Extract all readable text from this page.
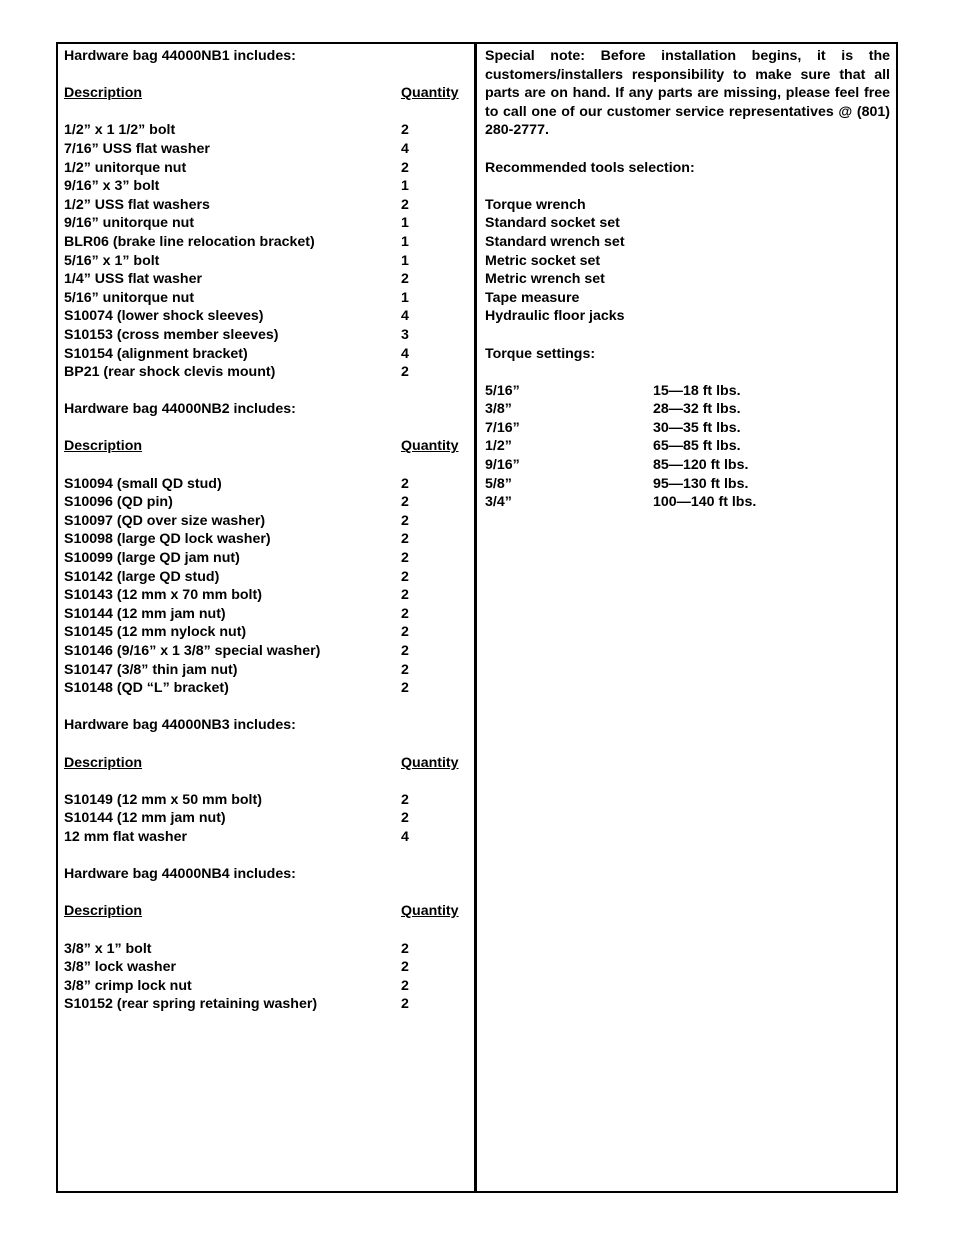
Hardware bag 44000NB1 includes:
Description	Quantity
1/2” x 1 1/2” bolt	2
7/16” USS flat washer	4
1/2” unitorque nut	2
9/16” x 3” bolt	1
1/2” USS flat washers	2
9/16” unitorque nut	1
BLR06 (brake line relocation bracket)	1
5/16” x 1” bolt	1
1/4” USS flat washer	2
5/16” unitorque nut	1
S10074 (lower shock sleeves)	4
S10153 (cross member sleeves)	3
S10154 (alignment bracket)	4
BP21 (rear shock clevis mount)	2
Hardware bag 44000NB2 includes:
Description	Quantity
S10094 (small QD stud)	2
S10096 (QD pin)	2
S10097 (QD over size washer)	2
S10098 (large QD lock washer)	2
S10099 (large QD jam nut)	2
S10142 (large QD stud)	2
S10143 (12 mm x 70 mm bolt)	2
S10144 (12 mm jam nut)	2
S10145 (12 mm nylock nut)	2
S10146 (9/16” x 1 3/8” special washer)	2
S10147 (3/8” thin jam nut)	2
S10148 (QD “L” bracket)	2
Hardware bag 44000NB3 includes:
Description	Quantity
S10149 (12 mm x 50 mm bolt)	2
S10144 (12 mm jam nut)	2
12 mm flat washer	4
Hardware bag 44000NB4 includes:
Description	Quantity
3/8” x 1” bolt	2
3/8” lock washer	2
3/8” crimp lock nut	2
S10152 (rear spring retaining washer)	2
Special note: Before installation begins, it is the customers/installers responsibility to make sure that all parts are on hand. If any parts are missing, please feel free to call one of our customer service representatives @ (801) 280-2777.
Recommended tools selection:
Torque wrench
Standard socket set
Standard wrench set
Metric socket set
Metric wrench set
Tape measure
Hydraulic floor jacks
Torque settings:
5/16”	15—18 ft lbs.
3/8”	28—32 ft lbs.
7/16”	30—35 ft lbs.
1/2”	65—85 ft lbs.
9/16”	85—120 ft lbs.
5/8”	95—130 ft lbs.
3/4”	100—140 ft lbs.
